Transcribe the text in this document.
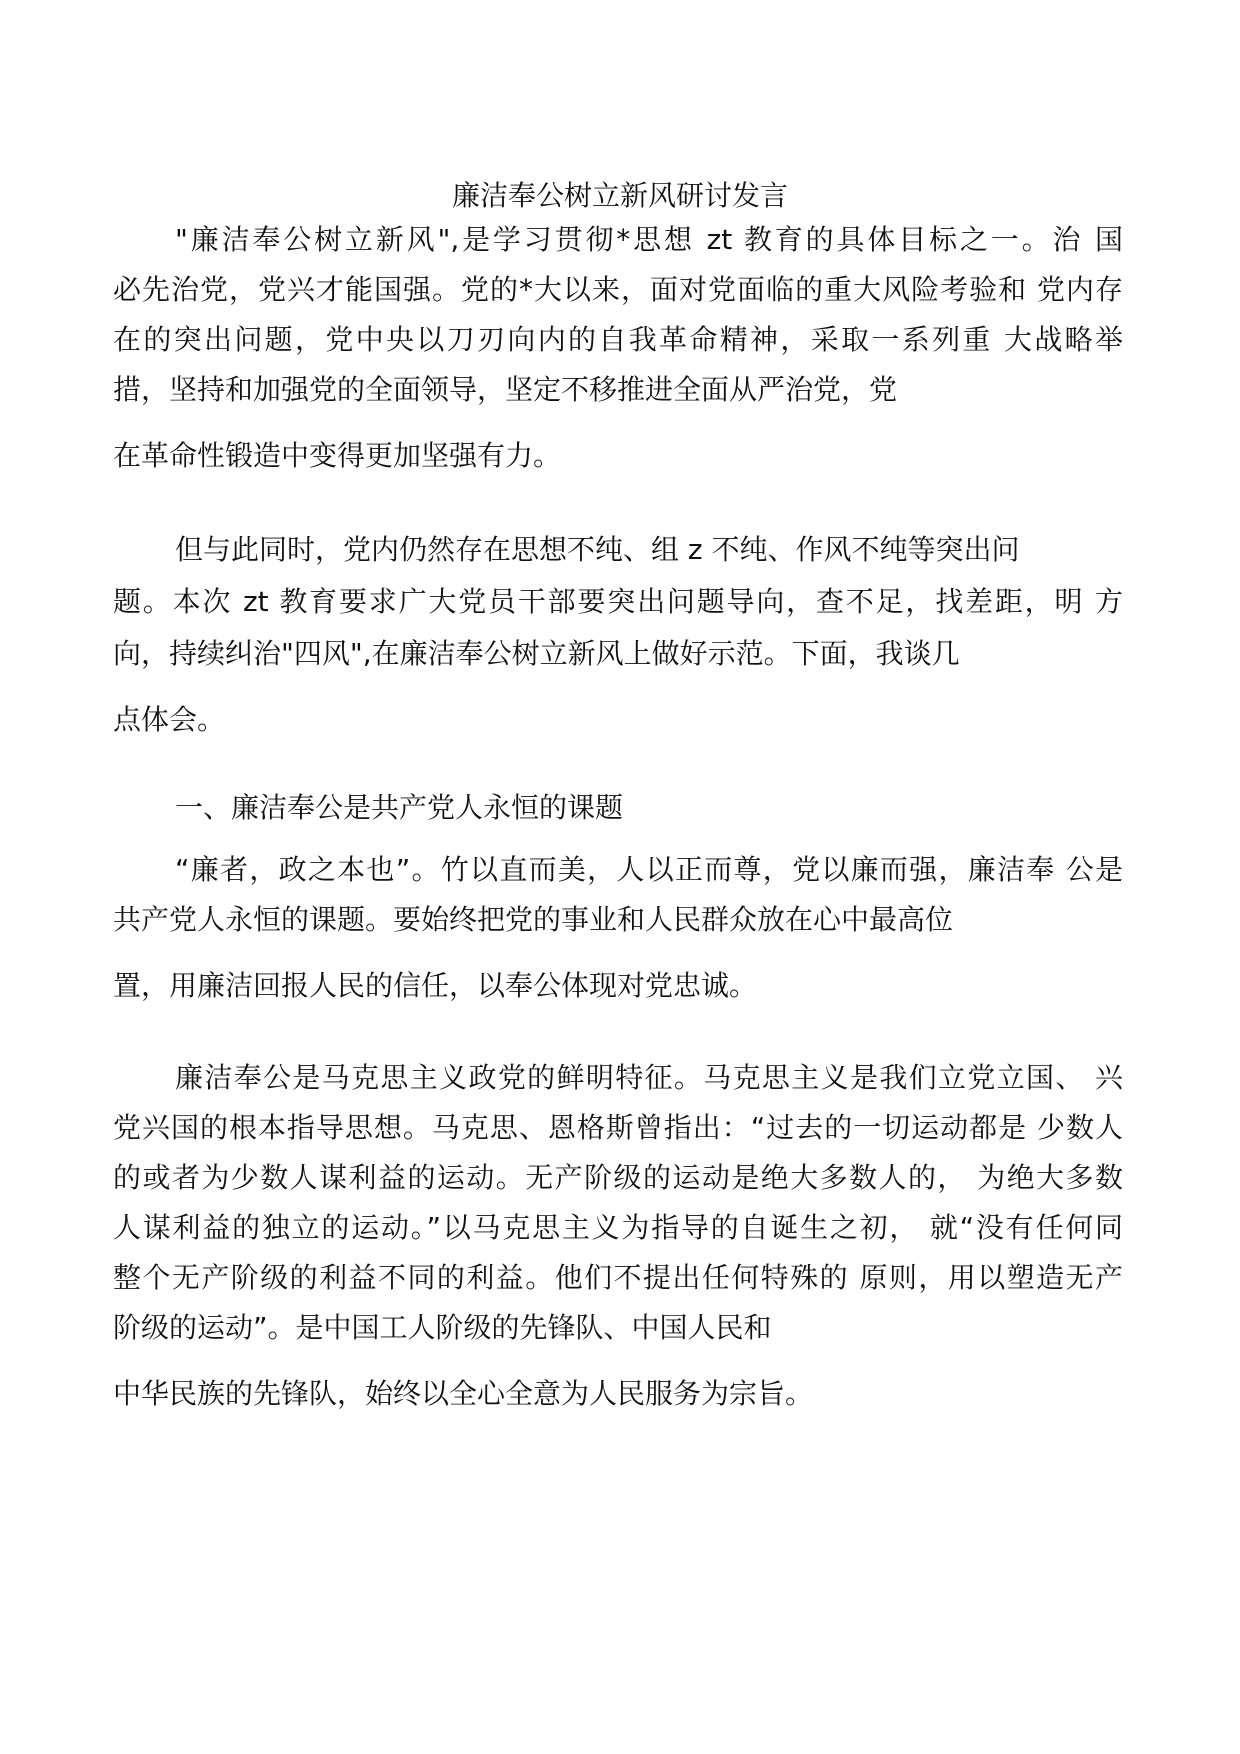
廉洁奉公树立新风研讨发言
"廉洁奉公树立新风",是学习贯彻*思想 zt 教育的具体目标之一。治 国
必先治党，党兴才能国强。党的*大以来，面对党面临的重大风险考验和 党内存
在的突出问题，党中央以刀刃向内的自我革命精神，采取一系列重 大战略举
措，坚持和加强党的全面领导，坚定不移推进全面从严治党，党
在革命性锻造中变得更加坚强有力。
但与此同时，党内仍然存在思想不纯、组 z 不纯、作风不纯等突出问
题。本次 zt 教育要求广大党员干部要突出问题导向，查不足，找差距，明 方
向，持续纠治"四风",在廉洁奉公树立新风上做好示范。下面，我谈几
点体会。
一、廉洁奉公是共产党人永恒的课题
“廉者，政之本也”。竹以直而美，人以正而尊，党以廉而强，廉洁奉 公是
共产党人永恒的课题。要始终把党的事业和人民群众放在心中最高位
置，用廉洁回报人民的信任，以奉公体现对党忠诚。
廉洁奉公是马克思主义政党的鲜明特征。马克思主义是我们立党立国、 兴
党兴国的根本指导思想。马克思、恩格斯曾指出：“过去的一切运动都是 少数人
的或者为少数人谋利益的运动。无产阶级的运动是绝大多数人的， 为绝大多数
人谋利益的独立的运动。”以马克思主义为指导的自诞生之初， 就“没有任何同
整个无产阶级的利益不同的利益。他们不提出任何特殊的 原则，用以塑造无产
阶级的运动”。是中国工人阶级的先锋队、中国人民和
中华民族的先锋队，始终以全心全意为人民服务为宗旨。
